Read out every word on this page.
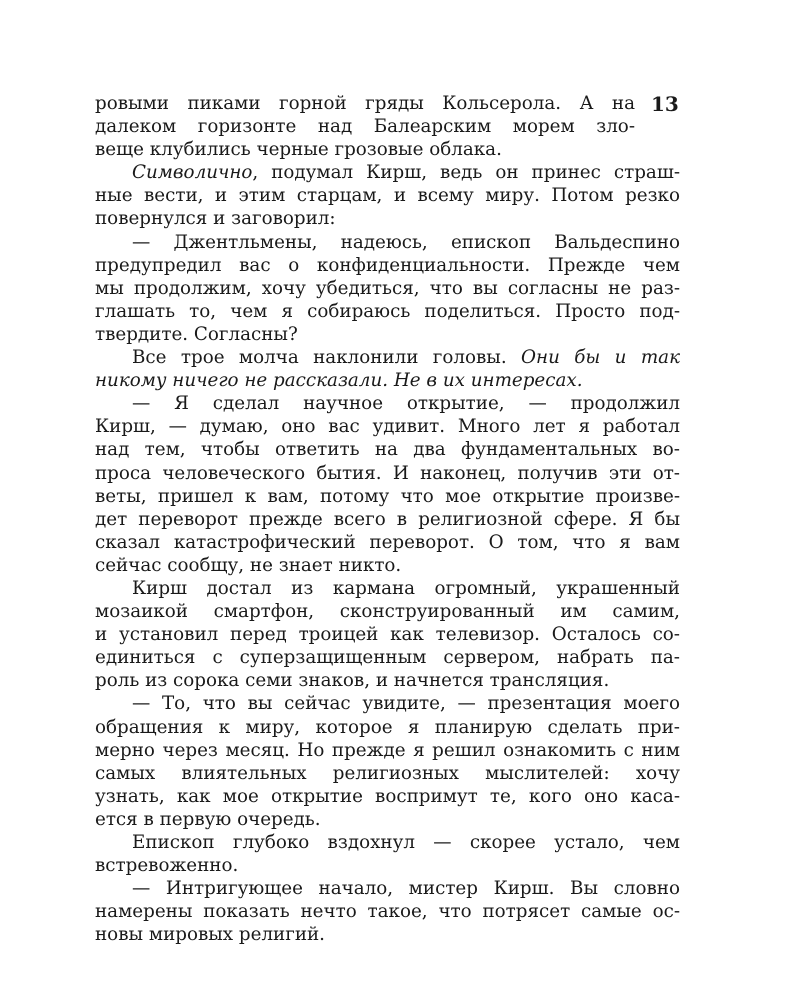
13
ровыми пиками горной гряды Кольсерола. А на
далеком горизонте над Балеарским морем зло-
веще клубились черные грозовые облака.
Символично, подумал Кирш, ведь он принес страш-
ные вести, и этим старцам, и всему миру. Потом резко
повернулся и заговорил:
— Джентльмены, надеюсь, епископ Вальдеспино
предупредил вас о конфиденциальности. Прежде чем
мы продолжим, хочу убедиться, что вы согласны не раз-
глашать то, чем я собираюсь поделиться. Просто под-
твердите. Согласны?
Все трое молча наклонили головы. Они бы и так
никому ничего не рассказали. Не в их интересах.
— Я сделал научное открытие, — продолжил
Кирш, — думаю, оно вас удивит. Много лет я работал
над тем, чтобы ответить на два фундаментальных во-
проса человеческого бытия. И наконец, получив эти от-
веты, пришел к вам, потому что мое открытие произве-
дет переворот прежде всего в религиозной сфере. Я бы
сказал катастрофический переворот. О том, что я вам
сейчас сообщу, не знает никто.
Кирш достал из кармана огромный, украшенный
мозаикой смартфон, сконструированный им самим,
и установил перед троицей как телевизор. Осталось со-
единиться с суперзащищенным сервером, набрать па-
роль из сорока семи знаков, и начнется трансляция.
— То, что вы сейчас увидите, — презентация моего
обращения к миру, которое я планирую сделать при-
мерно через месяц. Но прежде я решил ознакомить с ним
самых влиятельных религиозных мыслителей: хочу
узнать, как мое открытие воспримут те, кого оно каса-
ется в первую очередь.
Епископ глубоко вздохнул — скорее устало, чем
встревоженно.
— Интригующее начало, мистер Кирш. Вы словно
намерены показать нечто такое, что потрясет самые ос-
новы мировых религий.
